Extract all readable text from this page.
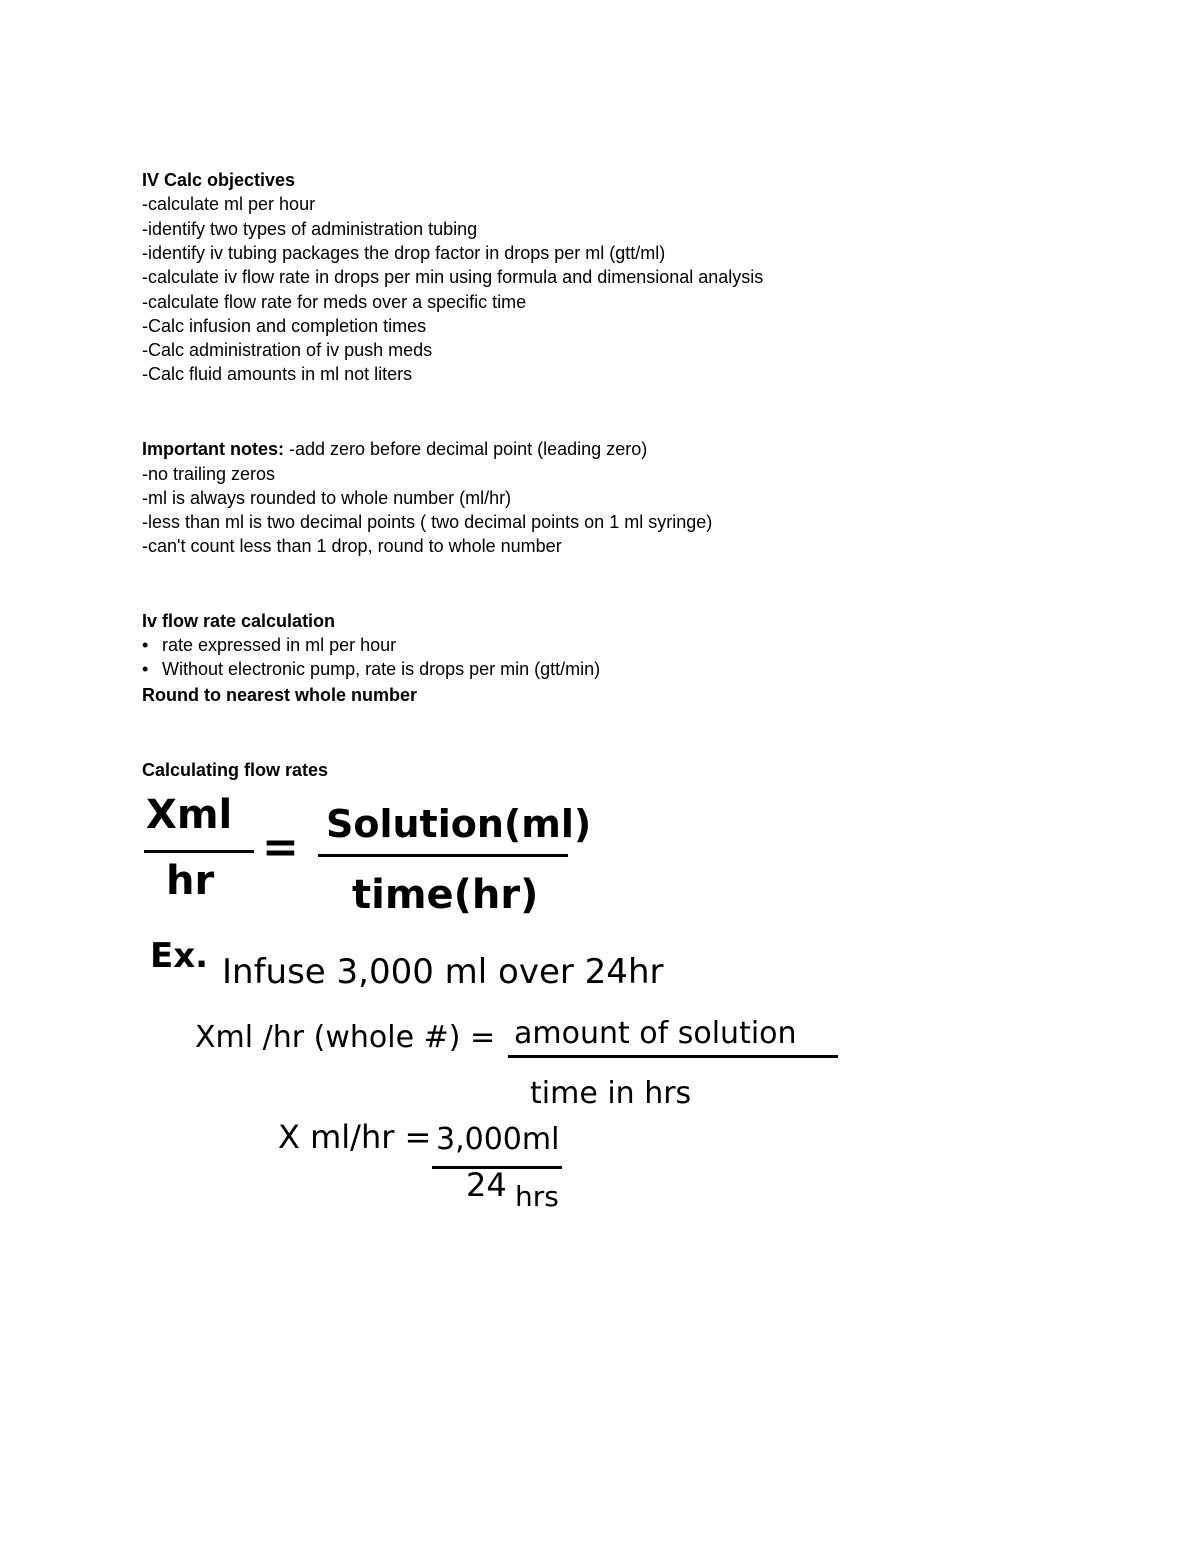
IV Calc objectives
-calculate ml per hour
-identify two types of administration tubing
-identify iv tubing packages the drop factor in drops per ml (gtt/ml)
-calculate iv flow rate in drops per min using formula and dimensional analysis
-calculate flow rate for meds over a specific time
-Calc infusion and completion times
-Calc administration of iv push meds
-Calc fluid amounts in ml not liters
Important notes: -add zero before decimal point (leading zero)
-no trailing zeros
-ml is always rounded to whole number (ml/hr)
-less than ml is two decimal points ( two decimal points on 1 ml syringe)
-can't count less than 1 drop, round to whole number
Iv flow rate calculation
• rate expressed in ml per hour
• Without electronic pump, rate is drops per min (gtt/min)
Round to nearest whole number
Calculating flow rates
Xml
hr
= Solution(ml)
time(hr)
Ex. Infuse 3,000 ml over 24hr
Xml /hr (whole #) = amount of solution
time in hrs
X ml/hr = 3,000ml
24 hrs
